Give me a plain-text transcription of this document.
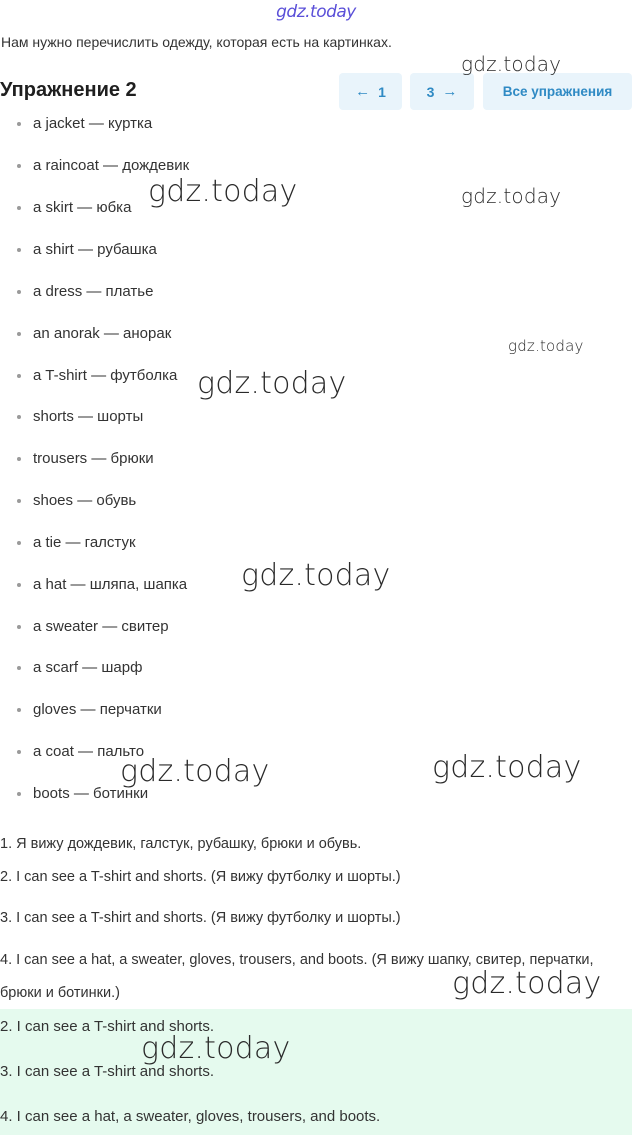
gdz.today
Нам нужно перечислить одежду, которая есть на картинках.
Упражнение 2	← 1	3 →	Все упражнения
a jacket — куртка
a raincoat — дождевик
a skirt — юбка
a shirt — рубашка
a dress — платье
an anorak — анорак
a T-shirt — футболка
shorts — шорты
trousers — брюки
shoes — обувь
a tie — галстук
a hat — шляпа, шапка
a sweater — свитер
a scarf — шарф
gloves — перчатки
a coat — пальто
boots — ботинки
1. Я вижу дождевик, галстук, рубашку, брюки и обувь.
2. I can see a T-shirt and shorts. (Я вижу футболку и шорты.)
3. I can see a T-shirt and shorts. (Я вижу футболку и шорты.)
4. I can see a hat, a sweater, gloves, trousers, and boots. (Я вижу шапку, свитер, перчатки, брюки и ботинки.)
2. I can see a T-shirt and shorts.
3. I can see a T-shirt and shorts.
4. I can see a hat, a sweater, gloves, trousers, and boots.
gdz.today
gdz.today	gdz.today
gdz.today
gdz.today
gdz.today
gdz.today	gdz.today
gdz.today
gdz.today
